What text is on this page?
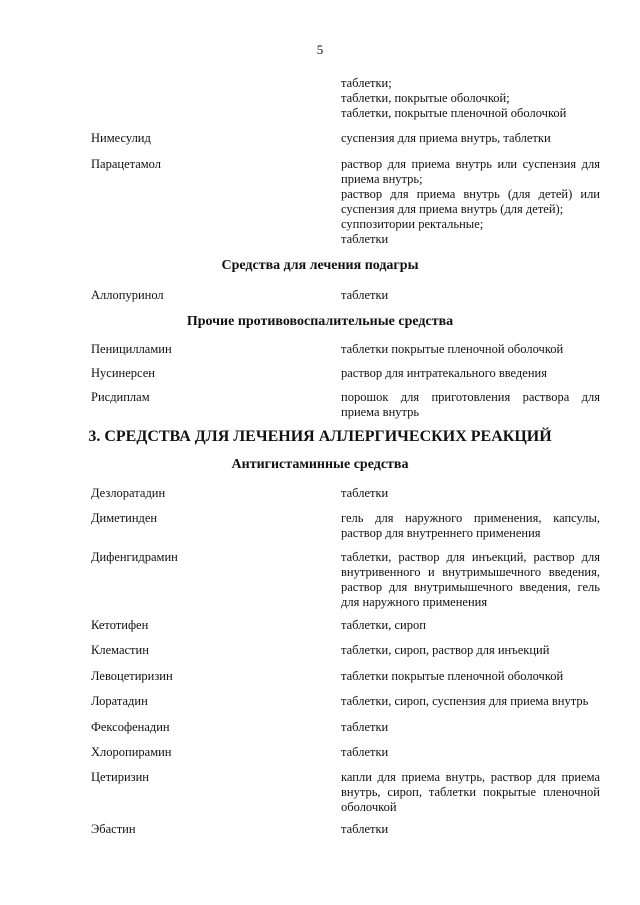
5
таблетки;
таблетки, покрытые оболочкой;
таблетки, покрытые пленочной оболочкой
Нимесулид	суспензия для приема внутрь, таблетки
Парацетамол	раствор для приема внутрь или суспензия для приема внутрь;
раствор для приема внутрь (для детей) или суспензия для приема внутрь (для детей);
суппозитории ректальные;
таблетки
Средства для лечения подагры
Аллопуринол	таблетки
Прочие противовоспалительные средства
Пеницилламин	таблетки покрытые пленочной оболочкой
Нусинерсен	раствор для интратекального введения
Рисдиплам	порошок для приготовления раствора для приема внутрь
3. СРЕДСТВА ДЛЯ ЛЕЧЕНИЯ АЛЛЕРГИЧЕСКИХ РЕАКЦИЙ
Антигистаминные средства
Дезлоратадин	таблетки
Диметинден	гель для наружного применения, капсулы, раствор для внутреннего применения
Дифенгидрамин	таблетки, раствор для инъекций, раствор для внутривенного и внутримышечного введения, раствор для внутримышечного введения, гель для наружного применения
Кетотифен	таблетки, сироп
Клемастин	таблетки, сироп, раствор для инъекций
Левоцетиризин	таблетки покрытые пленочной оболочкой
Лоратадин	таблетки, сироп, суспензия для приема внутрь
Фексофенадин	таблетки
Хлоропирамин	таблетки
Цетиризин	капли для приема внутрь, раствор для приема внутрь, сироп, таблетки покрытые пленочной оболочкой
Эбастин	таблетки
